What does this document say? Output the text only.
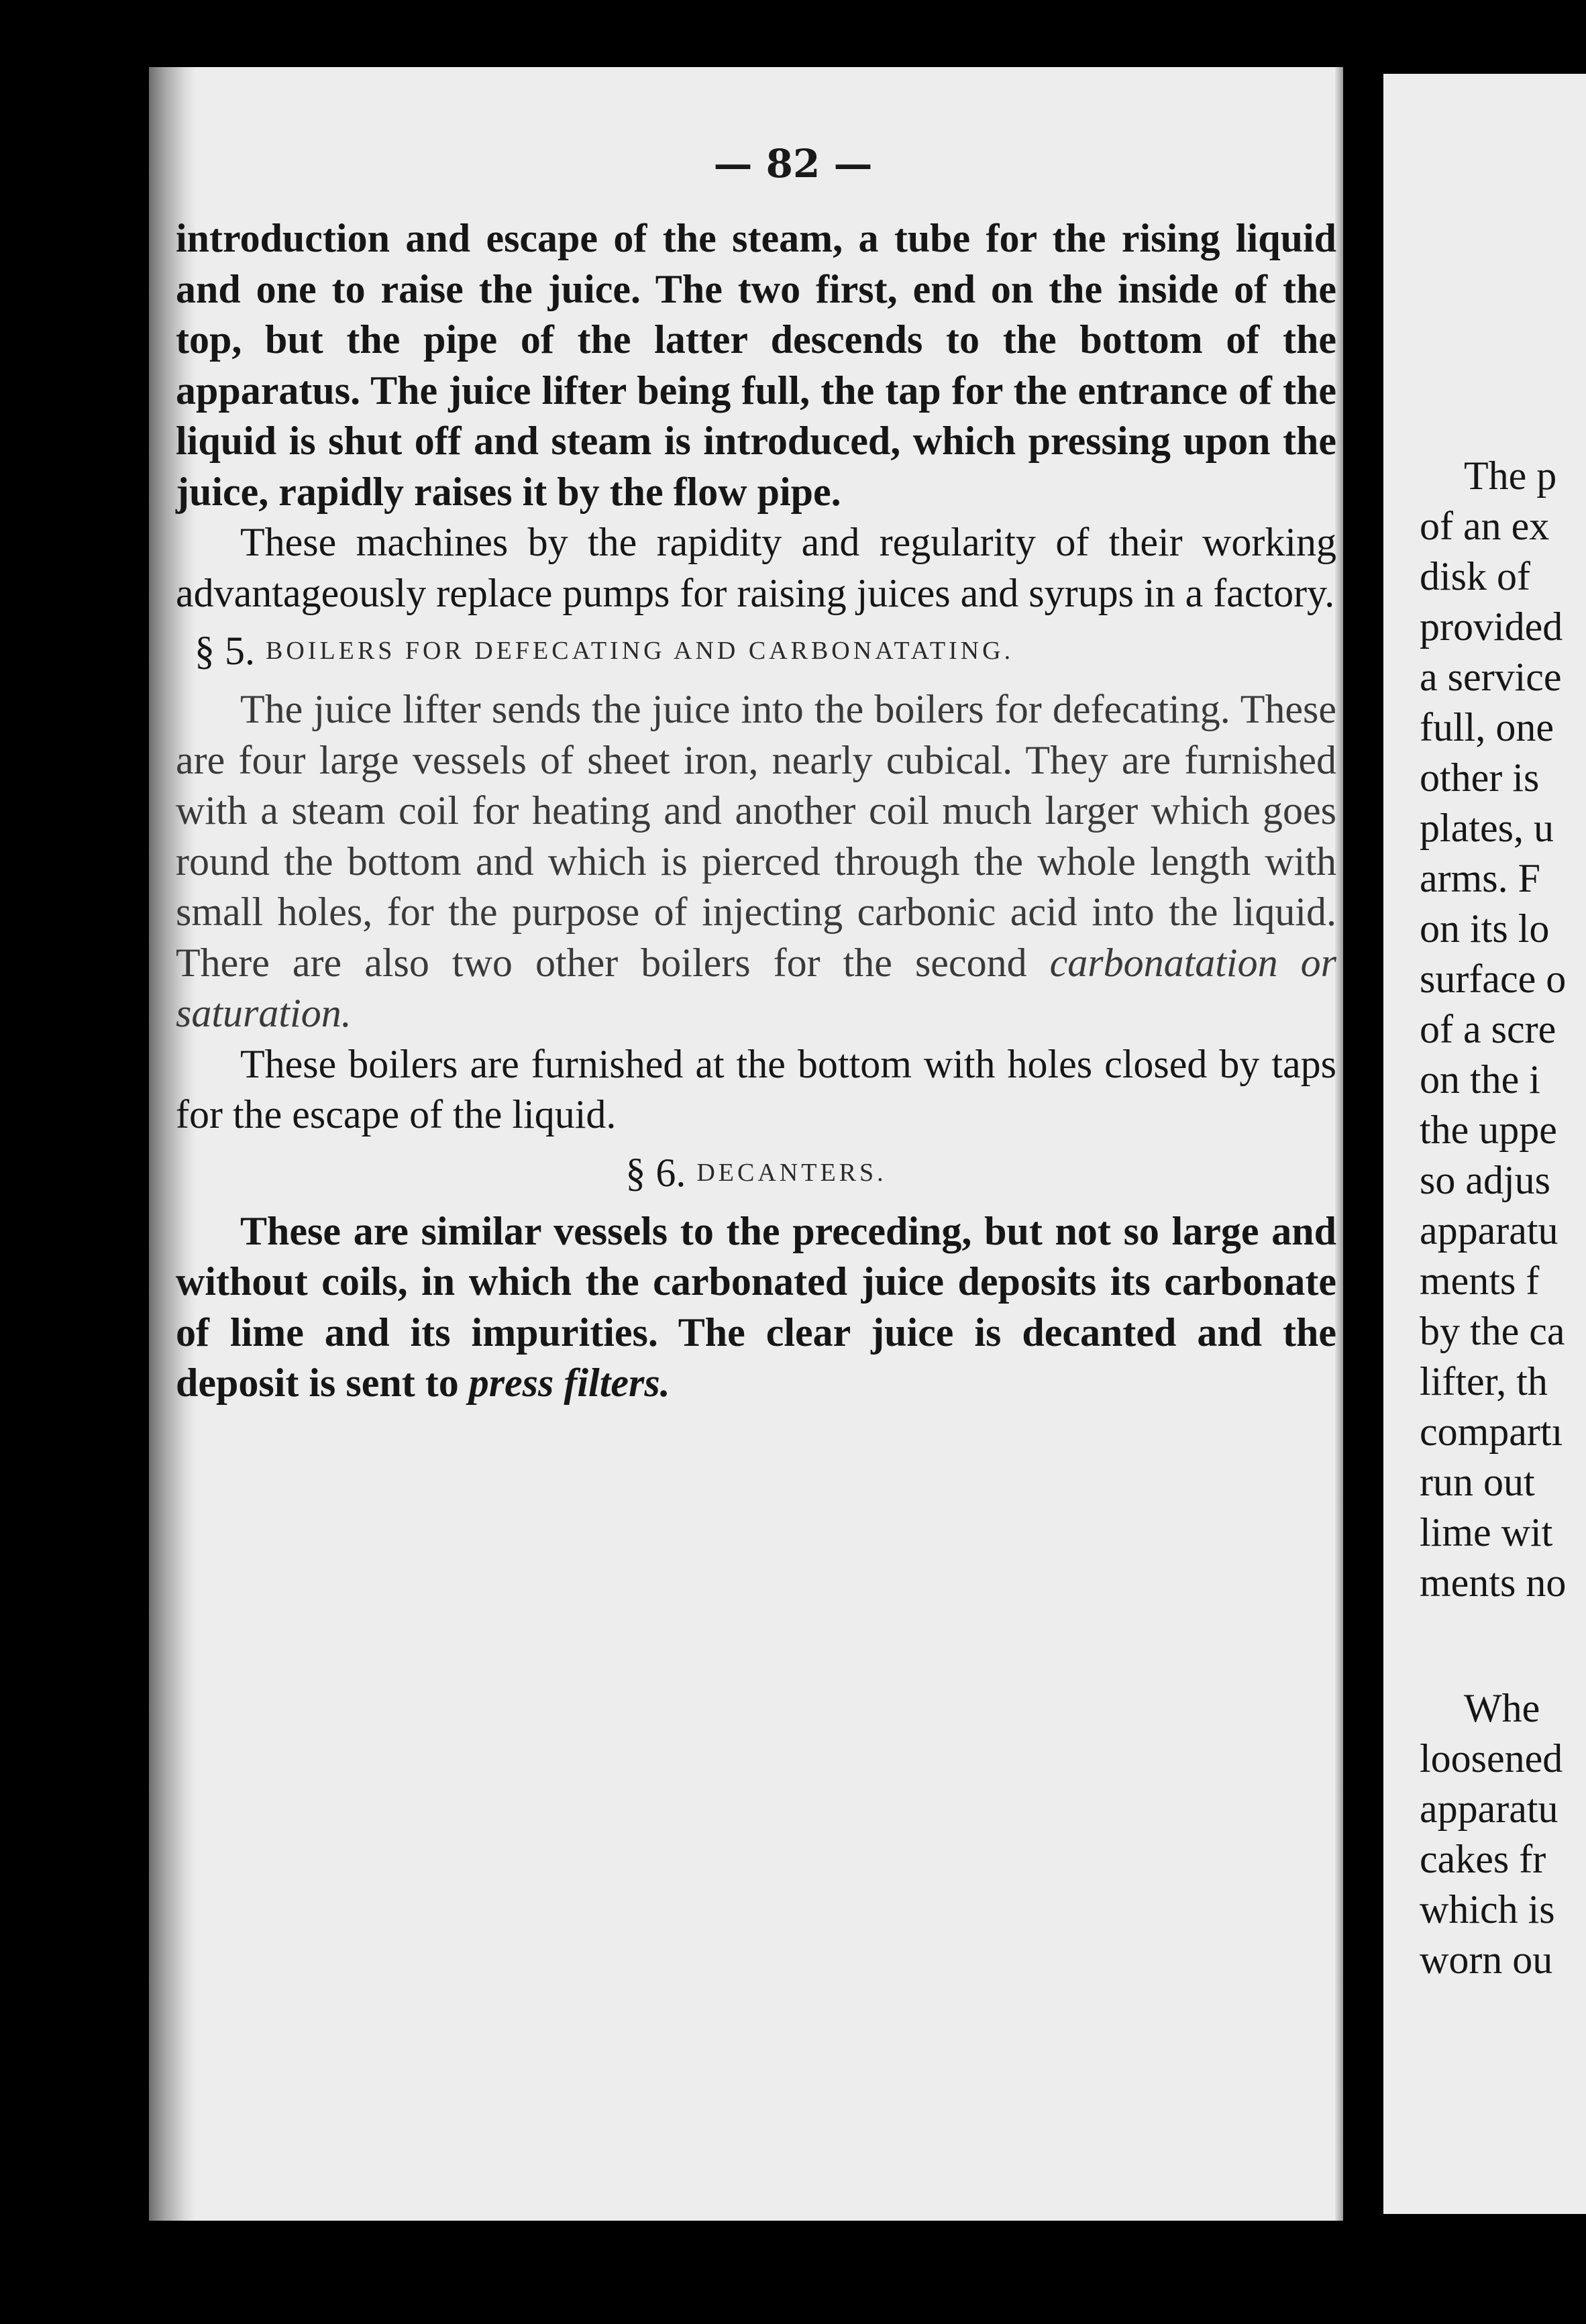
The p
of an ex
disk of
provided
a service
full, one
other is
plates, u
arms. F
on its lo
surface o
of a scre
on the i
the uppe
so adjus
apparatu
ments f
by the ca
lifter, th
compartı
run out
lime wit
ments no
Whe
loosened
apparatu
cakes fr
which is
worn ou
— 82 —

introduction and escape of the steam, a tube for the rising liquid and one to raise the juice. The two first, end on the inside of the top, but the pipe of the latter descends to the bottom of the apparatus. The juice lifter being full, the tap for the entrance of the liquid is shut off and steam is introduced, which pressing upon the juice, rapidly raises it by the flow pipe.

These machines by the rapidity and regularity of their working advantageously replace pumps for raising juices and syrups in a factory.

§ 5. BOILERS FOR DEFECATING AND CARBONATATING.

The juice lifter sends the juice into the boilers for defecating. These are four large vessels of sheet iron, nearly cubical. They are furnished with a steam coil for heating and another coil much larger which goes round the bottom and which is pierced through the whole length with small holes, for the purpose of injecting carbonic acid into the liquid. There are also two other boilers for the second carbonatation or saturation.

These boilers are furnished at the bottom with holes closed by taps for the escape of the liquid.

§ 6. DECANTERS.

These are similar vessels to the preceding, but not so large and without coils, in which the carbonated juice deposits its carbonate of lime and its impurities. The clear juice is decanted and the deposit is sent to press filters.
